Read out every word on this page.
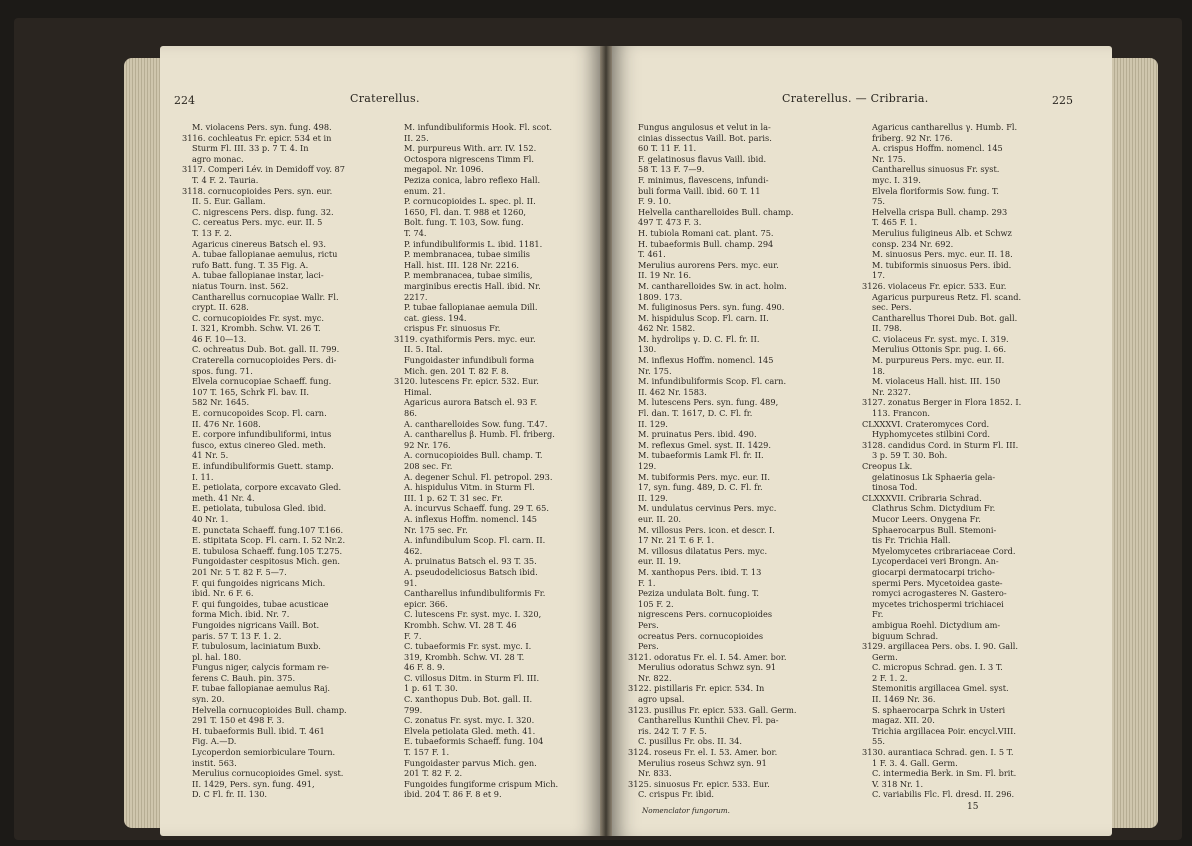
224	Craterellus.

M. violacens Pers. syn. fung. 498.

3116. cochleatus Fr. epicr. 534 et in

Sturm Fl. III. 33 p. 7 T. 4. In

agro monac.

3117. Comperi Lév. in Demidoff voy. 87

T. 4 F. 2. Tauria.

3118. cornucopioides Pers. syn. eur.

II. 5. Eur. Gallam.

C. nigrescens Pers. disp. fung. 32.

C. cereatus Pers. myc. eur. II. 5

T. 13 F. 2.

Agaricus cinereus Batsch el. 93.

A. tubae fallopianae aemulus, rictu

rufo Batt. fung. T. 35 Fig. A.

A. tubae fallopianae instar, laci-

niatus Tourn. inst. 562.

Cantharellus cornucopiae Wallr. Fl.

crypt. II. 628.

C. cornucopioides Fr. syst. myc.

I. 321, Krombh. Schw. VI. 26 T.

46 F. 10—13.

C. ochreatus Dub. Bot. gall. II. 799.

Craterella cornucopioides Pers. di-

spos. fung. 71.

Elvela cornucopiae Schaeff. fung.

107 T. 165, Schrk Fl. bav. II.

582 Nr. 1645.

E. cornucopoides Scop. Fl. carn.

II. 476 Nr. 1608.

E. corpore infundibuliformi, intus

fusco, extus cinereo Gled. meth.

41 Nr. 5.

E. infundibuliformis Guett. stamp.

I. 11.

E. petiolata, corpore excavato Gled.

meth. 41 Nr. 4.

E. petiolata, tubulosa Gled. ibid.

40 Nr. 1.

E. punctata Schaeff. fung.107 T.166.

E. stipitata Scop. Fl. carn. I. 52 Nr.2.

E. tubulosa Schaeff. fung.105 T.275.

Fungoidaster cespitosus Mich. gen.

201 Nr. 5 T. 82 F. 5—7.

F. qui fungoides nigricans Mich.

ibid. Nr. 6 F. 6.

F. qui fungoides, tubae acusticae

forma Mich. ibid. Nr. 7.

Fungoides nigricans Vaill. Bot.

paris. 57 T. 13 F. 1. 2.

F. tubulosum, laciniatum Buxb.

pl. hal. 180.

Fungus niger, calycis formam re-

ferens C. Bauh. pin. 375.

F. tubae fallopianae aemulus Raj.

syn. 20.

Helvella cornucopioides Bull. champ.

291 T. 150 et 498 F. 3.

H. tubaeformis Bull. ibid. T. 461

Fig. A.—D.

Lycoperdon semiorbiculare Tourn.

instit. 563.

Merulius cornucopioides Gmel. syst.

II. 1429, Pers. syn. fung. 491,

D. C Fl. fr. II. 130.

M. infundibuliformis Hook. Fl. scot.

II. 25.

M. purpureus With. arr. IV. 152.

Octospora nigrescens Timm Fl.

megapol. Nr. 1096.

Peziza conica, labro reflexo Hall.

enum. 21.

P. cornucopioides L. spec. pl. II.

1650, Fl. dan. T. 988 et 1260,

Bolt. fung. T. 103, Sow. fung.

T. 74.

P. infundibuliformis L. ibid. 1181.

P. membranacea, tubae similis

Hall. hist. III. 128 Nr. 2216.

P. membranacea, tubae similis,

marginibus erectis Hall. ibid. Nr.

2217.

P. tubae fallopianae aemula Dill.

cat. giess. 194.

crispus Fr. sinuosus Fr.

3119. cyathiformis Pers. myc. eur.

II. 5. Ital.

Fungoidaster infundibuli forma

Mich. gen. 201 T. 82 F. 8.

3120. lutescens Fr. epicr. 532. Eur.

Himal.

Agaricus aurora Batsch el. 93 F.

86.

A. cantharelloides Sow. fung. T.47.

A. cantharellus β. Humb. Fl. friberg.

92 Nr. 176.

A. cornucopioides Bull. champ. T.

208 sec. Fr.

A. degener Schul. Fl. petropol. 293.

A. hispidulus Vitm. in Sturm Fl.

III. 1 p. 62 T. 31 sec. Fr.

A. incurvus Schaeff. fung. 29 T. 65.

A. inflexus Hoffm. nomencl. 145

Nr. 175 sec. Fr.

A. infundibulum Scop. Fl. carn. II.

462.

A. pruinatus Batsch el. 93 T. 35.

A. pseudodeliciosus Batsch ibid.

91.

Cantharellus infundibuliformis Fr.

epicr. 366.

C. lutescens Fr. syst. myc. I. 320,

Krombh. Schw. VI. 28 T. 46

F. 7.

C. tubaeformis Fr. syst. myc. I.

319, Krombh. Schw. VI. 28 T.

46 F. 8. 9.

C. villosus Ditm. in Sturm Fl. III.

1 p. 61 T. 30.

C. xanthopus Dub. Bot. gall. II.

799.

C. zonatus Fr. syst. myc. I. 320.

Elvela petiolata Gled. meth. 41.

E. tubaeformis Schaeff. fung. 104

T. 157 F. 1.

Fungoidaster parvus Mich. gen.

201 T. 82 F. 2.

Fungoides fungiforme crispum Mich.

ibid. 204 T. 86 F. 8 et 9.

Craterellus. — Cribraria.	225

Fungus angulosus et velut in la-

cinias dissectus Vaill. Bot. paris.

60 T. 11 F. 11.

F. gelatinosus flavus Vaill. ibid.

58 T. 13 F. 7—9.

F. minimus, flavescens, infundi-

buli forma Vaill. ibid. 60 T. 11

F. 9. 10.

Helvella cantharelloides Bull. champ.

497 T. 473 F. 3.

H. tubiola Romani cat. plant. 75.

H. tubaeformis Bull. champ. 294

T. 461.

Merulius aurorens Pers. myc. eur.

II. 19 Nr. 16.

M. cantharelloides Sw. in act. holm.

1809. 173.

M. fuliginosus Pers. syn. fung. 490.

M. hispidulus Scop. Fl. carn. II.

462 Nr. 1582.

M. hydrolips γ. D. C. Fl. fr. II.

130.

M. inflexus Hoffm. nomencl. 145

Nr. 175.

M. infundibuliformis Scop. Fl. carn.

II. 462 Nr. 1583.

M. lutescens Pers. syn. fung. 489,

Fl. dan. T. 1617, D. C. Fl. fr.

II. 129.

M. pruinatus Pers. ibid. 490.

M. reflexus Gmel. syst. II. 1429.

M. tubaeformis Lamk Fl. fr. II.

129.

M. tubiformis Pers. myc. eur. II.

17, syn. fung. 489, D. C. Fl. fr.

II. 129.

M. undulatus cervinus Pers. myc.

eur. II. 20.

M. villosus Pers. icon. et descr. I.

17 Nr. 21 T. 6 F. 1.

M. villosus dilatatus Pers. myc.

eur. II. 19.

M. xanthopus Pers. ibid. T. 13

F. 1.

Peziza undulata Bolt. fung. T.

105 F. 2.

nigrescens Pers. cornucopioides

Pers.

ocreatus Pers. cornucopioides

Pers.

3121. odoratus Fr. el. I. 54. Amer. bor.

Merulius odoratus Schwz syn. 91

Nr. 822.

3122. pistillaris Fr. epicr. 534. In

agro upsal.

3123. pusillus Fr. epicr. 533. Gall. Germ.

Cantharellus Kunthii Chev. Fl. pa-

ris. 242 T. 7 F. 5.

C. pusillus Fr. obs. II. 34.

3124. roseus Fr. el. I. 53. Amer. bor.

Merulius roseus Schwz syn. 91

Nr. 833.

3125. sinuosus Fr. epicr. 533. Eur.

C. crispus Fr. ibid.

Agaricus cantharellus γ. Humb. Fl.

friberg. 92 Nr. 176.

A. crispus Hoffm. nomencl. 145

Nr. 175.

Cantharellus sinuosus Fr. syst.

myc. I. 319.

Elvela floriformis Sow. fung. T.

75.

Helvella crispa Bull. champ. 293

T. 465 F. 1.

Merulius fuligineus Alb. et Schwz

consp. 234 Nr. 692.

M. sinuosus Pers. myc. eur. II. 18.

M. tubiformis sinuosus Pers. ibid.

17.

3126. violaceus Fr. epicr. 533. Eur.

Agaricus purpureus Retz. Fl. scand.

sec. Pers.

Cantharellus Thorei Dub. Bot. gall.

II. 798.

C. violaceus Fr. syst. myc. I. 319.

Merulius Ottonis Spr. pug. I. 66.

M. purpureus Pers. myc. eur. II.

18.

M. violaceus Hall. hist. III. 150

Nr. 2327.

3127. zonatus Berger in Flora 1852. I.

113. Francon.

CLXXXVI. Crateromyces Cord.

Hyphomycetes stilbini Cord.

3128. candidus Cord. in Sturm Fl. III.

3 p. 59 T. 30. Boh.

Creopus Lk.

gelatinosus Lk Sphaeria gela-

tinosa Tod.

CLXXXVII. Cribraria Schrad.

Clathrus Schm. Dictydium Fr.

Mucor Leers. Onygena Fr.

Sphaerocarpus Bull. Stemoni-

tis Fr. Trichia Hall.

Myelomycetes cribrariaceae Cord.

Lycoperdacei veri Brongn. An-

giocarpi dermatocarpi tricho-

spermi Pers. Mycetoidea gaste-

romyci acrogasteres N. Gastero-

mycetes trichospermi trichiacei

Fr.

ambigua Roehl. Dictydium am-

biguum Schrad.

3129. argillacea Pers. obs. I. 90. Gall.

Germ.

C. micropus Schrad. gen. I. 3 T.

2 F. 1. 2.

Stemonitis argillacea Gmel. syst.

II. 1469 Nr. 36.

S. sphaerocarpa Schrk in Usteri

magaz. XII. 20.

Trichia argillacea Poir. encycl.VIII.

55.

3130. aurantiaca Schrad. gen. I. 5 T.

1 F. 3. 4. Gall. Germ.

C. intermedia Berk. in Sm. Fl. brit.

V. 318 Nr. 1.

C. variabilis Flc. Fl. dresd. II. 296.

Nomenclator fungorum.	15
